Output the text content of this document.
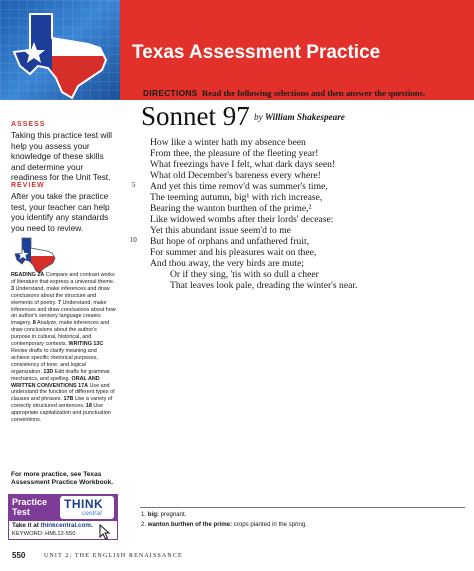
Texas Assessment Practice
ASSESS
Taking this practice test will help you assess your knowledge of these skills and determine your readiness for the Unit Test.
REVIEW
After you take the practice test, your teacher can help you identify any standards you need to review.
READING 2A Compare and contrast works of literature that express a universal theme. 3 Understand, make inferences and draw conclusions about the structure and elements of poetry. 7 Understand, make inferences and draw conclusions about how an author's sensory language creates imagery. 8 Analyze, make inferences and draw conclusions about the author's purpose in cultural, historical, and contemporary contexts. WRITING 13C Revise drafts to clarify meaning and achieve specific rhetorical purposes, consistency of tone, and logical organization. 13D Edit drafts for grammar, mechanics, and spelling. ORAL AND WRITTEN CONVENTIONS 17A Use and understand the function of different types of clauses and phrases. 17B Use a variety of correctly structured sentences. 18 Use appropriate capitalization and punctuation conventions.
For more practice, see Texas Assessment Practice Workbook.
Practice Test
THINK
central
Take it at thinkcentral.com.
KEYWORD: HML12-550
DIRECTIONS Read the following selections and then answer the questions.
Sonnet 97 by William Shakespeare
How like a winter hath my absence been
From thee, the pleasure of the fleeting year!
What freezings have I felt, what dark days seen!
What old December's bareness every where!
5 And yet this time remov'd was summer's time,
The teeming autumn, big¹ with rich increase,
Bearing the wanton burthen of the prime,²
Like widowed wombs after their lords' decease:
Yet this abundant issue seem'd to me
10 But hope of orphans and unfathered fruit,
For summer and his pleasures wait on thee,
And thou away, the very birds are mute;
Or if they sing, 'tis with so dull a cheer
That leaves look pale, dreading the winter's near.
1. big: pregnant.
2. wanton burthen of the prime: crops planted in the spring.
550	UNIT 2: THE ENGLISH RENAISSANCE
